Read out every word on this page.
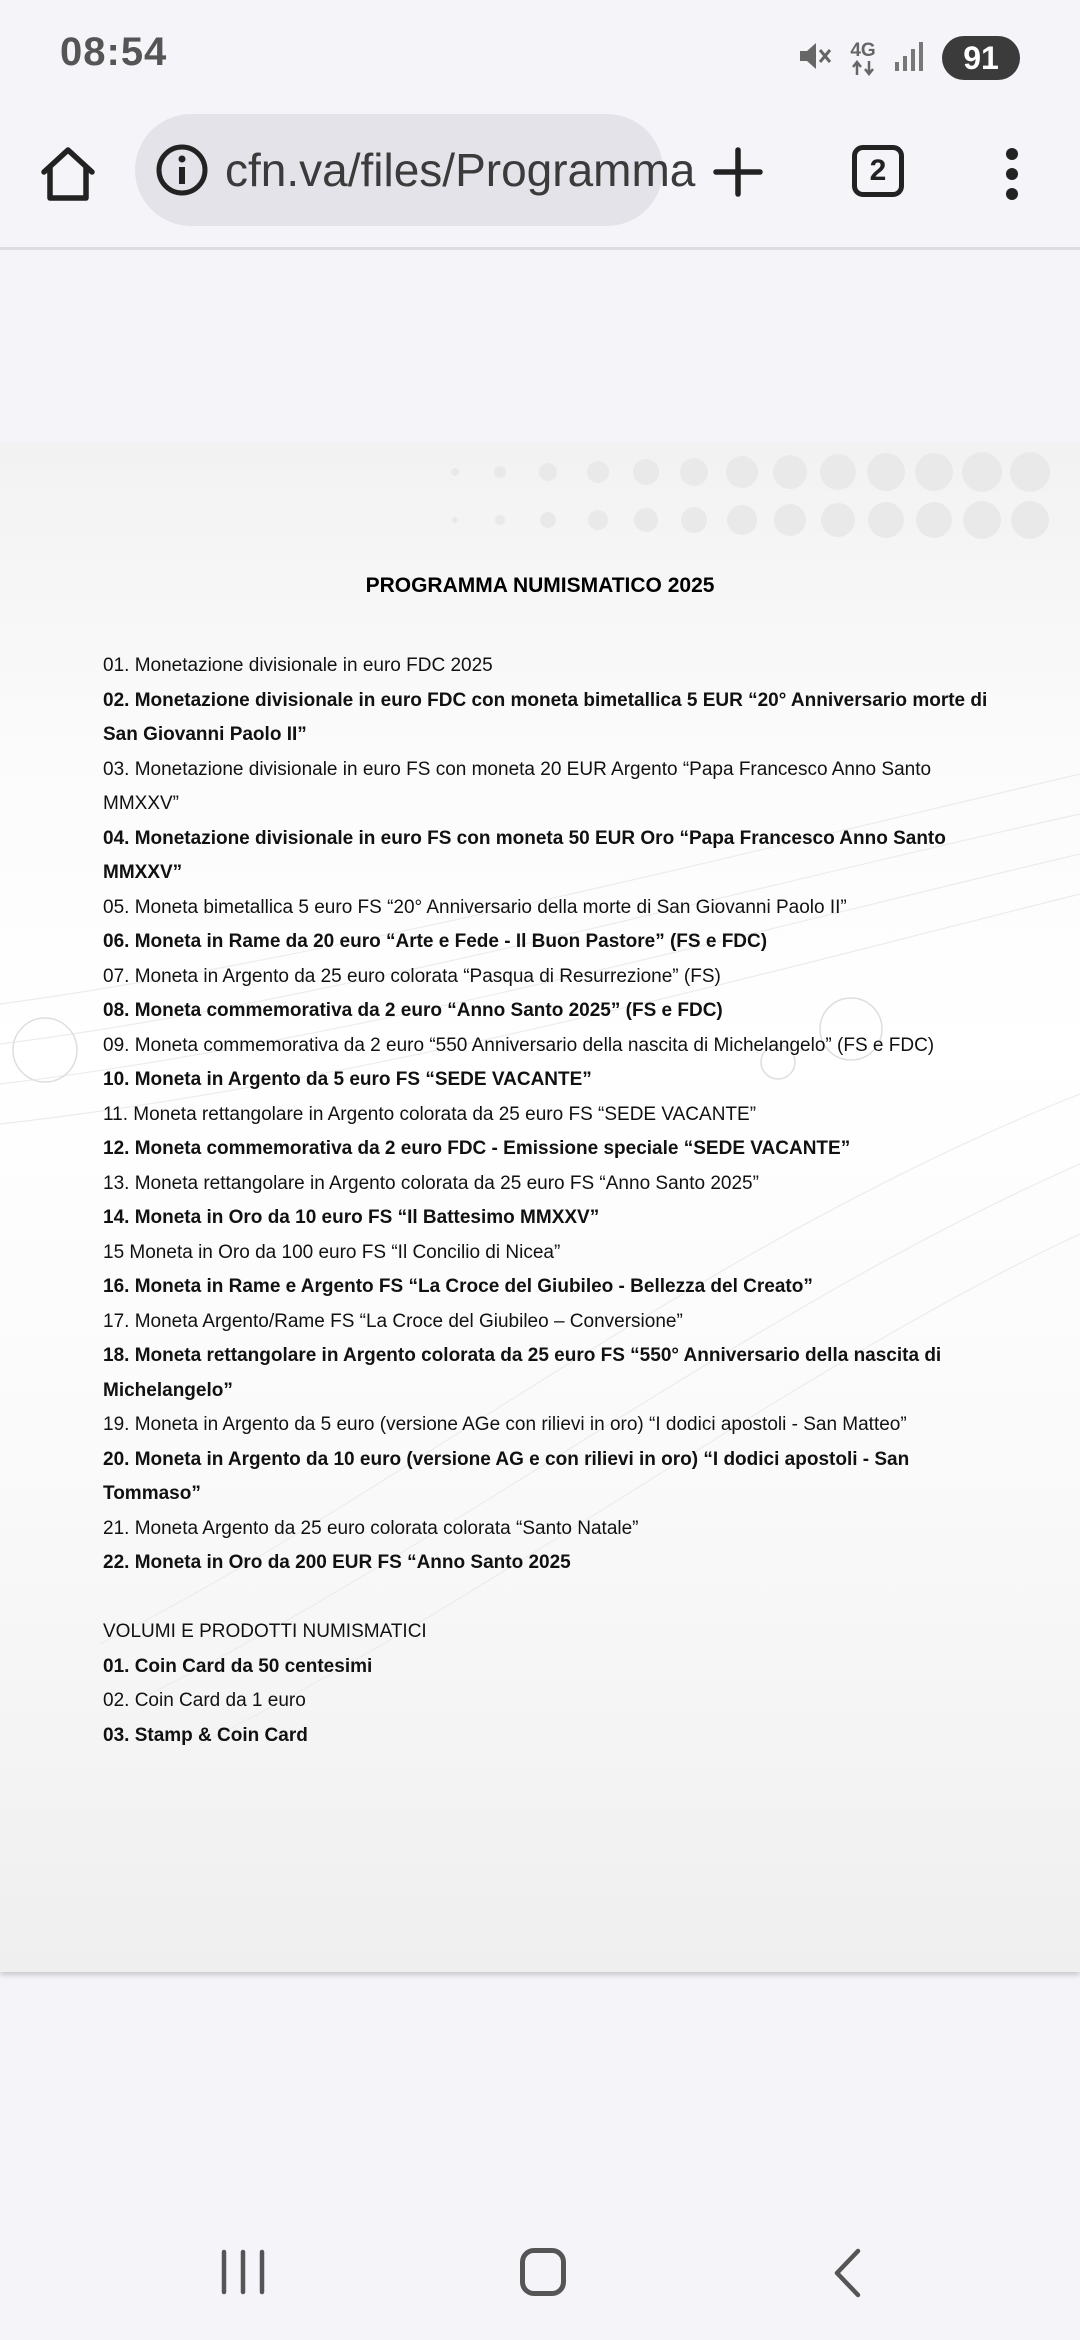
08:54	4G	91
cfn.va/files/Programma	2
PROGRAMMA NUMISMATICO 2025
01. Monetazione divisionale in euro FDC 2025
02. Monetazione divisionale in euro FDC con moneta bimetallica 5 EUR “20° Anniversario morte di San Giovanni Paolo II”
03. Monetazione divisionale in euro FS con moneta 20 EUR Argento “Papa Francesco Anno Santo MMXXV”
04. Monetazione divisionale in euro FS con moneta 50 EUR Oro “Papa Francesco Anno Santo MMXXV”
05. Moneta bimetallica 5 euro FS “20° Anniversario della morte di San Giovanni Paolo II”
06. Moneta in Rame da 20 euro “Arte e Fede - Il Buon Pastore” (FS e FDC)
07. Moneta in Argento da 25 euro colorata “Pasqua di Resurrezione” (FS)
08. Moneta commemorativa da 2 euro “Anno Santo 2025” (FS e FDC)
09. Moneta commemorativa da 2 euro “550 Anniversario della nascita di Michelangelo” (FS e FDC)
10. Moneta in Argento da 5 euro FS “SEDE VACANTE”
11. Moneta rettangolare in Argento colorata da 25 euro FS “SEDE VACANTE”
12. Moneta commemorativa da 2 euro FDC - Emissione speciale “SEDE VACANTE”
13. Moneta rettangolare in Argento colorata da 25 euro FS “Anno Santo 2025”
14. Moneta in Oro da 10 euro FS “Il Battesimo MMXXV”
15 Moneta in Oro da 100 euro FS “Il Concilio di Nicea”
16. Moneta in Rame e Argento FS “La Croce del Giubileo - Bellezza del Creato”
17. Moneta Argento/Rame FS “La Croce del Giubileo – Conversione”
18. Moneta rettangolare in Argento colorata da 25 euro FS “550° Anniversario della nascita di Michelangelo”
19. Moneta in Argento da 5 euro (versione AGe con rilievi in oro) “I dodici apostoli - San Matteo”
20. Moneta in Argento da 10 euro (versione AG e con rilievi in oro) “I dodici apostoli - San Tommaso”
21. Moneta Argento da 25 euro colorata colorata “Santo Natale”
22. Moneta in Oro da 200 EUR FS “Anno Santo 2025
VOLUMI E PRODOTTI NUMISMATICI
01. Coin Card da 50 centesimi
02. Coin Card da 1 euro
03. Stamp & Coin Card
